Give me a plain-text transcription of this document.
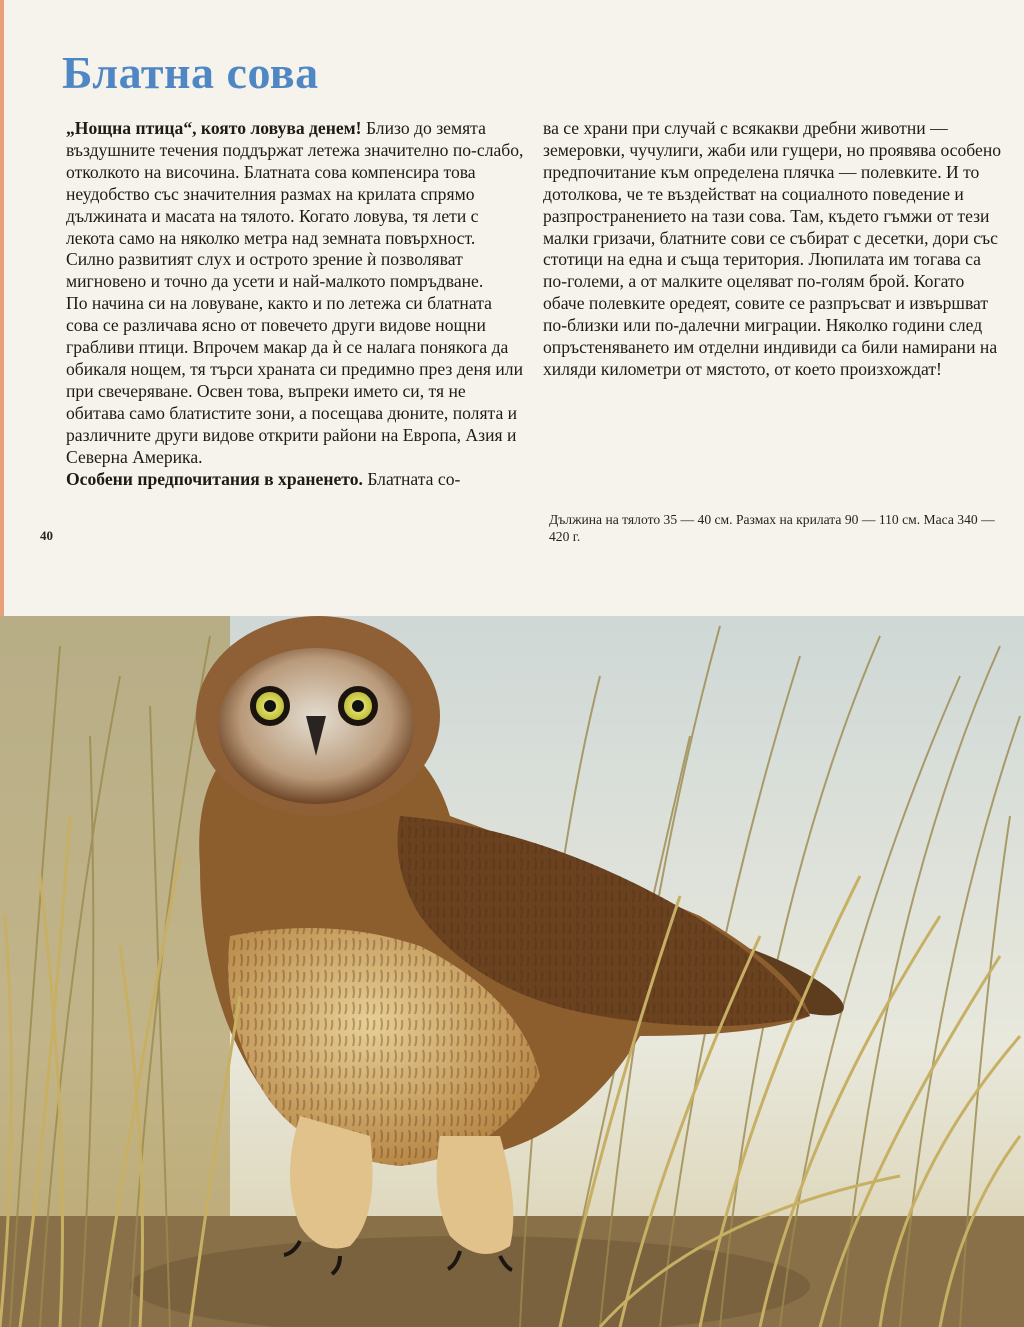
Блатна сова

„Нощна птица“, която ловува денем! Близо до земята въздушните течения поддържат летежа значително по-слабо, отколкото на височина. Блатната сова компенсира това неудобство със значителния размах на крилата спрямо дължината и масата на тялото. Когато ловува, тя лети с лекота само на няколко метра над земната повърхност. Силно развитият слух и острото зрение ѝ позволяват мигновено и точно да усети и най-малкото помръдване.

По начина си на ловуване, както и по летежа си блатната сова се различава ясно от повечето други видове нощни грабливи птици. Впрочем макар да ѝ се налага понякога да обикаля нощем, тя търси храната си предимно през деня или при свечеряване. Освен това, въпреки името си, тя не обитава само блатистите зони, а посещава дюните, полята и различните други видове открити райони на Европа, Азия и Северна Америка.

Особени предпочитания в храненето. Блатната со-

ва се храни при случай с всякакви дребни животни — земеровки, чучулиги, жаби или гущери, но проявява особено предпочитание към определена плячка — полевките. И то дотолкова, че те въздействат на социалното поведение и разпространението на тази сова. Там, където гъмжи от тези малки гризачи, блатните сови се събират с десетки, дори със стотици на една и съща територия. Люпилата им тогава са по-големи, а от малките оцеляват по-голям брой. Когато обаче полевките оредеят, совите се разпръсват и извършват по-близки или по-далечни миграции. Няколко години след опръстеняването им отделни индивиди са били намирани на хиляди километри от мястото, от което произхождат!

Дължина на тялото 35 — 40 см. Размах на крилата 90 — 110 см. Маса 340 — 420 г.
40
